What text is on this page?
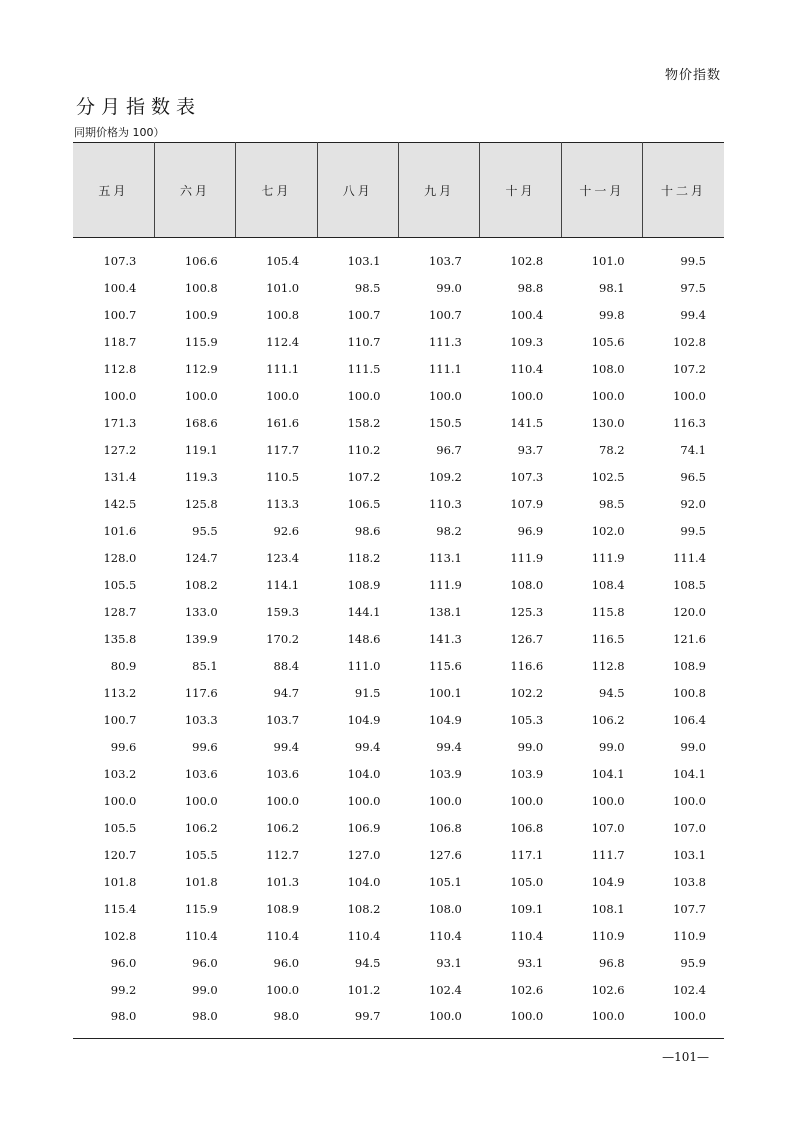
物价指数
分月指数表
同期价格为 100）
五月	六月	七月	八月	九月	十月	十一月	十二月
107.3	106.6	105.4	103.1	103.7	102.8	101.0	99.5
100.4	100.8	101.0	98.5	99.0	98.8	98.1	97.5
100.7	100.9	100.8	100.7	100.7	100.4	99.8	99.4
118.7	115.9	112.4	110.7	111.3	109.3	105.6	102.8
112.8	112.9	111.1	111.5	111.1	110.4	108.0	107.2
100.0	100.0	100.0	100.0	100.0	100.0	100.0	100.0
171.3	168.6	161.6	158.2	150.5	141.5	130.0	116.3
127.2	119.1	117.7	110.2	96.7	93.7	78.2	74.1
131.4	119.3	110.5	107.2	109.2	107.3	102.5	96.5
142.5	125.8	113.3	106.5	110.3	107.9	98.5	92.0
101.6	95.5	92.6	98.6	98.2	96.9	102.0	99.5
128.0	124.7	123.4	118.2	113.1	111.9	111.9	111.4
105.5	108.2	114.1	108.9	111.9	108.0	108.4	108.5
128.7	133.0	159.3	144.1	138.1	125.3	115.8	120.0
135.8	139.9	170.2	148.6	141.3	126.7	116.5	121.6
80.9	85.1	88.4	111.0	115.6	116.6	112.8	108.9
113.2	117.6	94.7	91.5	100.1	102.2	94.5	100.8
100.7	103.3	103.7	104.9	104.9	105.3	106.2	106.4
99.6	99.6	99.4	99.4	99.4	99.0	99.0	99.0
103.2	103.6	103.6	104.0	103.9	103.9	104.1	104.1
100.0	100.0	100.0	100.0	100.0	100.0	100.0	100.0
105.5	106.2	106.2	106.9	106.8	106.8	107.0	107.0
120.7	105.5	112.7	127.0	127.6	117.1	111.7	103.1
101.8	101.8	101.3	104.0	105.1	105.0	104.9	103.8
115.4	115.9	108.9	108.2	108.0	109.1	108.1	107.7
102.8	110.4	110.4	110.4	110.4	110.4	110.9	110.9
96.0	96.0	96.0	94.5	93.1	93.1	96.8	95.9
99.2	99.0	100.0	101.2	102.4	102.6	102.6	102.4
98.0	98.0	98.0	99.7	100.0	100.0	100.0	100.0
—101—
